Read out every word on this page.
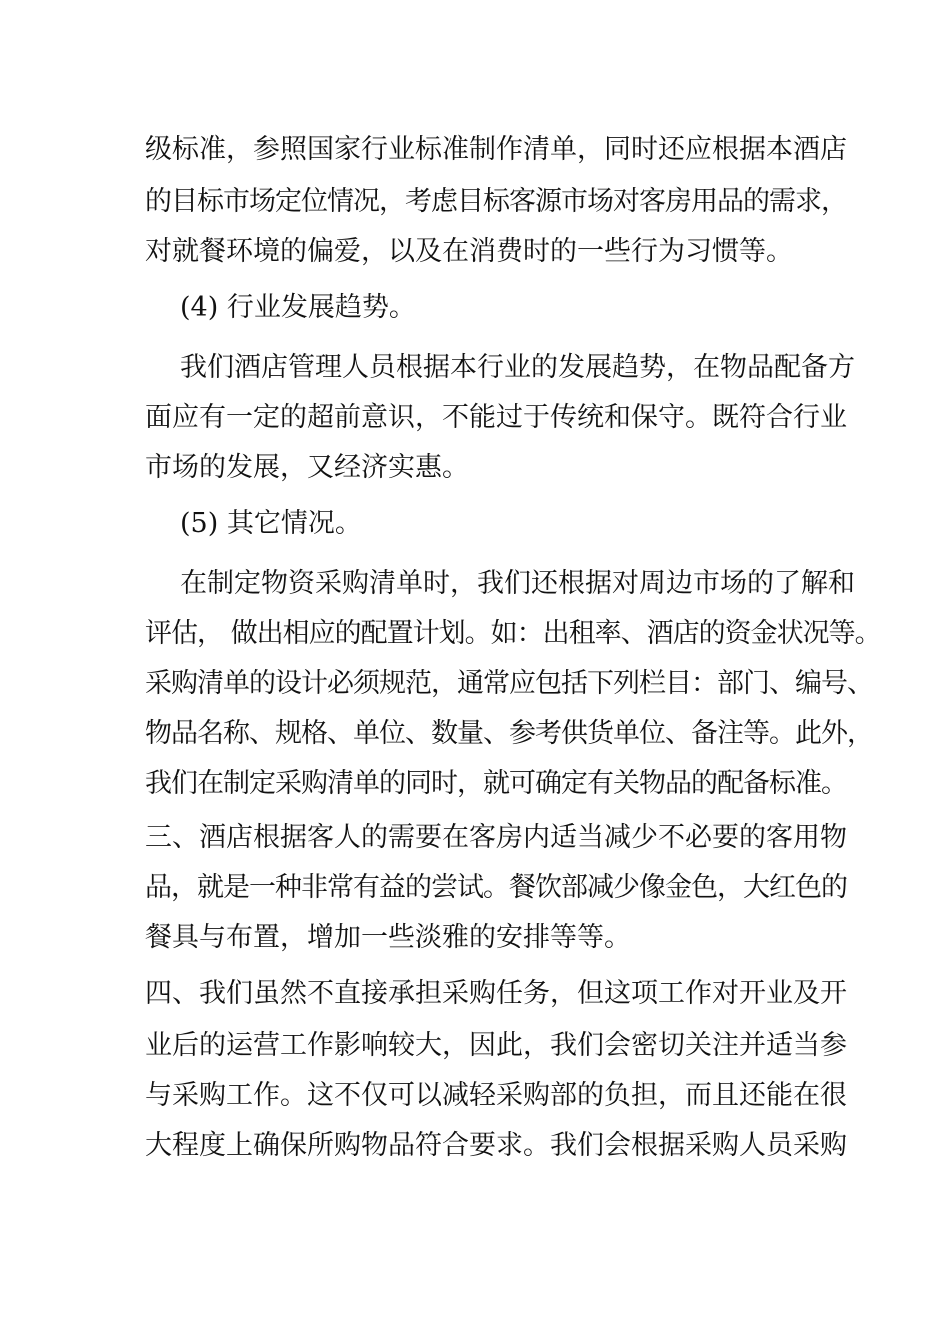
级标准，参照国家行业标准制作清单，同时还应根据本酒店
的目标市场定位情况，考虑目标客源市场对客房用品的需求，
对就餐环境的偏爱，以及在消费时的一些行为习惯等。
(4) 行业发展趋势。
我们酒店管理人员根据本行业的发展趋势，在物品配备方
面应有一定的超前意识，不能过于传统和保守。既符合行业
市场的发展，又经济实惠。
(5) 其它情况。
在制定物资采购清单时，我们还根据对周边市场的了解和
评估， 做出相应的配置计划。如：出租率、酒店的资金状况等。
采购清单的设计必须规范，通常应包括下列栏目：部门、编号、
物品名称、规格、单位、数量、参考供货单位、备注等。此外，
我们在制定采购清单的同时，就可确定有关物品的配备标准。
三、酒店根据客人的需要在客房内适当减少不必要的客用物
品，就是一种非常有益的尝试。餐饮部减少像金色，大红色的
餐具与布置，增加一些淡雅的安排等等。
四、我们虽然不直接承担采购任务，但这项工作对开业及开
业后的运营工作影响较大，因此，我们会密切关注并适当参
与采购工作。这不仅可以减轻采购部的负担，而且还能在很
大程度上确保所购物品符合要求。我们会根据采购人员采购
